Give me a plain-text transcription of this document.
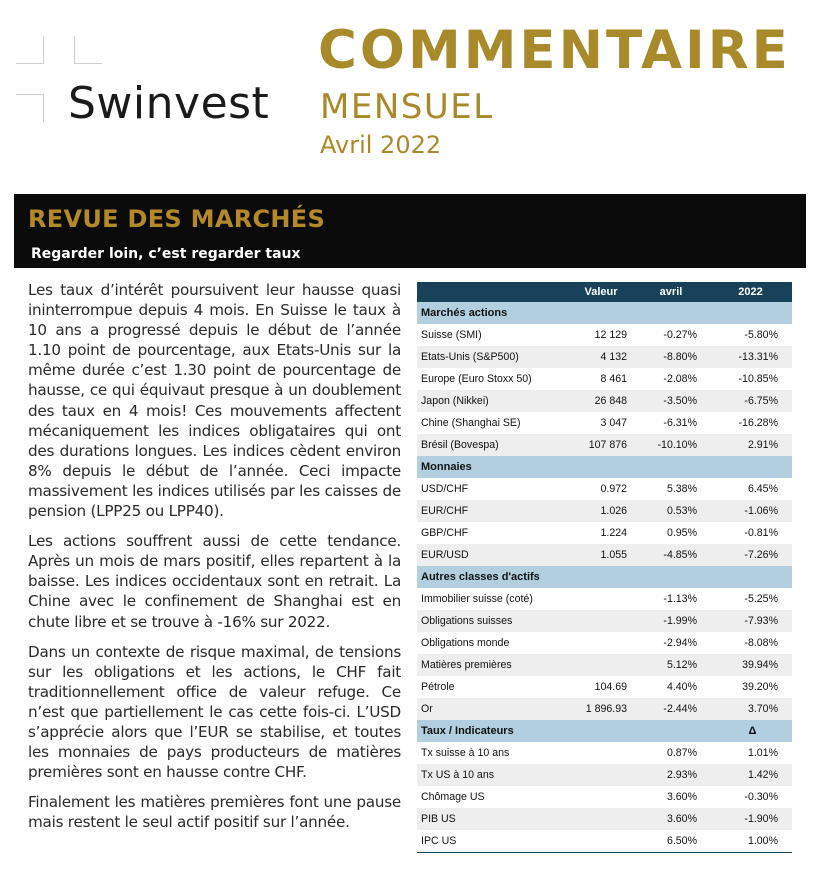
Swinvest
COMMENTAIRE
MENSUEL
Avril 2022
REVUE DES MARCHÉS
Regarder loin, c’est regarder taux

Les taux d’intérêt poursuivent leur hausse quasi ininterrompue depuis 4 mois. En Suisse le taux à 10 ans a progressé depuis le début de l’année 1.10 point de pourcentage, aux Etats-Unis sur la même durée c’est 1.30 point de pourcentage de hausse, ce qui équivaut presque à un doublement des taux en 4 mois! Ces mouvements affectent mécaniquement les indices obligataires qui ont des durations longues. Les indices cèdent environ 8% depuis le début de l’année. Ceci impacte massivement les indices utilisés par les caisses de pension (LPP25 ou LPP40).

Les actions souffrent aussi de cette tendance. Après un mois de mars positif, elles repartent à la baisse. Les indices occidentaux sont en retrait. La Chine avec le confinement de Shanghai est en chute libre et se trouve à -16% sur 2022.

Dans un contexte de risque maximal, de tensions sur les obligations et les actions, le CHF fait traditionnellement office de valeur refuge. Ce n’est que partiellement le cas cette fois-ci. L’USD s’apprécie alors que l’EUR se stabilise, et toutes les monnaies de pays producteurs de matières premières sont en hausse contre CHF.

Finalement les matières premières font une pause mais restent le seul actif positif sur l’année.

	Valeur	avril	2022
Marchés actions			
Suisse (SMI)	12 129	-0.27%	-5.80%
Etats-Unis (S&P500)	4 132	-8.80%	-13.31%
Europe (Euro Stoxx 50)	8 461	-2.08%	-10.85%
Japon (Nikkei)	26 848	-3.50%	-6.75%
Chine (Shanghai SE)	3 047	-6.31%	-16.28%
Brésil (Bovespa)	107 876	-10.10%	2.91%
Monnaies			
USD/CHF	0.972	5.38%	6.45%
EUR/CHF	1.026	0.53%	-1.06%
GBP/CHF	1.224	0.95%	-0.81%
EUR/USD	1.055	-4.85%	-7.26%
Autres classes d'actifs			
Immobilier suisse (coté)		-1.13%	-5.25%
Obligations suisses		-1.99%	-7.93%
Obligations monde		-2.94%	-8.08%
Matières premières		5.12%	39.94%
Pétrole	104.69	4.40%	39.20%
Or	1 896.93	-2.44%	3.70%
Taux / Indicateurs			Δ
Tx suisse à 10 ans		0.87%	1.01%
Tx US à 10 ans		2.93%	1.42%
Chômage US		3.60%	-0.30%
PIB US		3.60%	-1.90%
IPC US		6.50%	1.00%
